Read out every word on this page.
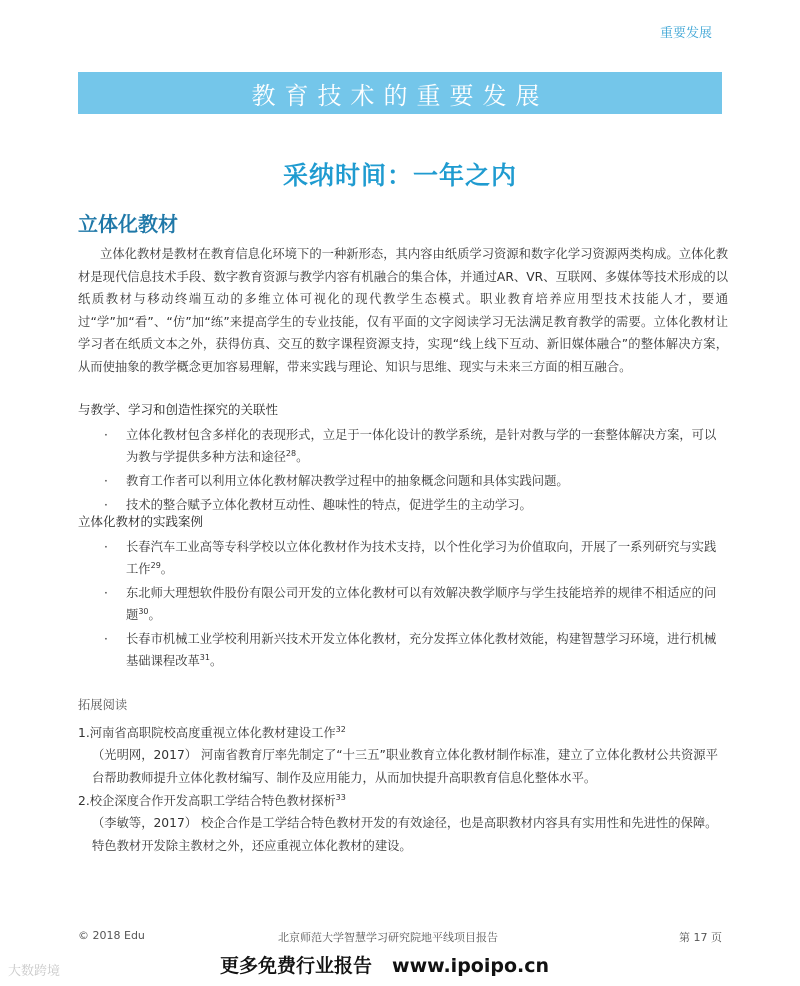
重要发展
教育技术的重要发展
采纳时间：一年之内
立体化教材
立体化教材是教材在教育信息化环境下的一种新形态，其内容由纸质学习资源和数字化学习资源两类构成。立体化教材是现代信息技术手段、数字教育资源与教学内容有机融合的集合体，并通过AR、VR、互联网、多媒体等技术形成的以纸质教材与移动终端互动的多维立体可视化的现代教学生态模式。职业教育培养应用型技术技能人才，要通过“学”加“看”、“仿”加“练”来提高学生的专业技能，仅有平面的文字阅读学习无法满足教育教学的需要。立体化教材让学习者在纸质文本之外，获得仿真、交互的数字课程资源支持，实现“线上线下互动、新旧媒体融合”的整体解决方案，从而使抽象的教学概念更加容易理解，带来实践与理论、知识与思维、现实与未来三方面的相互融合。
与教学、学习和创造性探究的关联性
· 立体化教材包含多样化的表现形式，立足于一体化设计的教学系统，是针对教与学的一套整体解决方案，可以为教与学提供多种方法和途径$^{28}$。
· 教育工作者可以利用立体化教材解决教学过程中的抽象概念问题和具体实践问题。
· 技术的整合赋予立体化教材互动性、趣味性的特点，促进学生的主动学习。
立体化教材的实践案例
· 长春汽车工业高等专科学校以立体化教材作为技术支持，以个性化学习为价值取向，开展了一系列研究与实践工作$^{29}$。
· 东北师大理想软件股份有限公司开发的立体化教材可以有效解决教学顺序与学生技能培养的规律不相适应的问题$^{30}$。
· 长春市机械工业学校利用新兴技术开发立体化教材，充分发挥立体化教材效能，构建智慧学习环境，进行机械基础课程改革$^{31}$。
拓展阅读
1.河南省高职院校高度重视立体化教材建设工作$^{32}$
（光明网，2017） 河南省教育厅率先制定了“十三五”职业教育立体化教材制作标准，建立了立体化教材公共资源平台帮助教师提升立体化教材编写、制作及应用能力，从而加快提升高职教育信息化整体水平。
2.校企深度合作开发高职工学结合特色教材探析$^{33}$
（李敏等，2017） 校企合作是工学结合特色教材开发的有效途径，也是高职教材内容具有实用性和先进性的保障。特色教材开发除主教材之外，还应重视立体化教材的建设。
© 2018 Edu	北京师范大学智慧学习研究院地平线项目报告	第 17 页
大数跨境	更多免费行业报告 www.ipoipo.cn
